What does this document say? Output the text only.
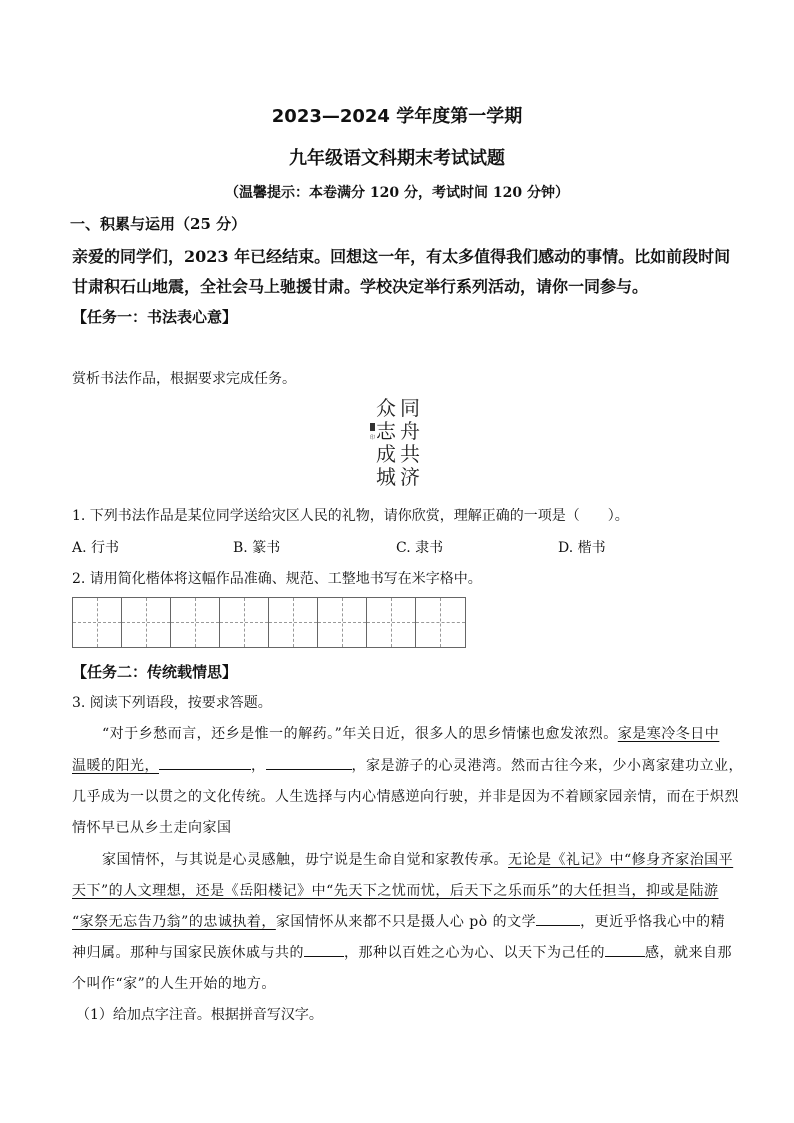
2023—2024 学年度第一学期
九年级语文科期末考试试题
（温馨提示：本卷满分 120 分，考试时间 120 分钟）
一、积累与运用（25 分）
亲爱的同学们，2023 年已经结束。回想这一年，有太多值得我们感动的事情。比如前段时间
甘肃积石山地震，全社会马上驰援甘肃。学校决定举行系列活动，请你一同参与。
【任务一：书法表心意】
赏析书法作品，根据要求完成任务。
同
舟
共
济
众
志
成
城
印
1. 下列书法作品是某位同学送给灾区人民的礼物，请你欣赏，理解正确的一项是（　　）。
A. 行书	B. 篆书	C. 隶书	D. 楷书
2. 请用简化楷体将这幅作品准确、规范、工整地书写在米字格中。
【任务二：传统载情思】
3. 阅读下列语段，按要求答题。
“对于乡愁而言，还乡是惟一的解药。”年关日近，很多人的思乡情愫也愈发浓烈。家是寒冷冬日中
温暖的阳光，	，	，家是游子的心灵港湾。然而古往今来，少小离家建功立业，
几乎成为一以贯之的文化传统。人生选择与内心情感逆向行驶，并非是因为不着顾家园亲情，而在于炽烈
情怀早已从乡土走向家国
家国情怀，与其说是心灵感触，毋宁说是生命自觉和家教传承。无论是《礼记》中“修身齐家治国平
天下”的人文理想，还是《岳阳楼记》中“先天下之忧而忧，后天下之乐而乐”的大任担当，抑或是陆游
“家祭无忘告乃翁”的忠诚执着，家国情怀从来都不只是摄人心 pò 的文学	，更近乎恪我心中的精
神归属。那种与国家民族休戚与共的	，那种以百姓之心为心、以天下为己任的	感，就来自那
个叫作“家”的人生开始的地方。
（1）给加点字注音。根据拼音写汉字。
